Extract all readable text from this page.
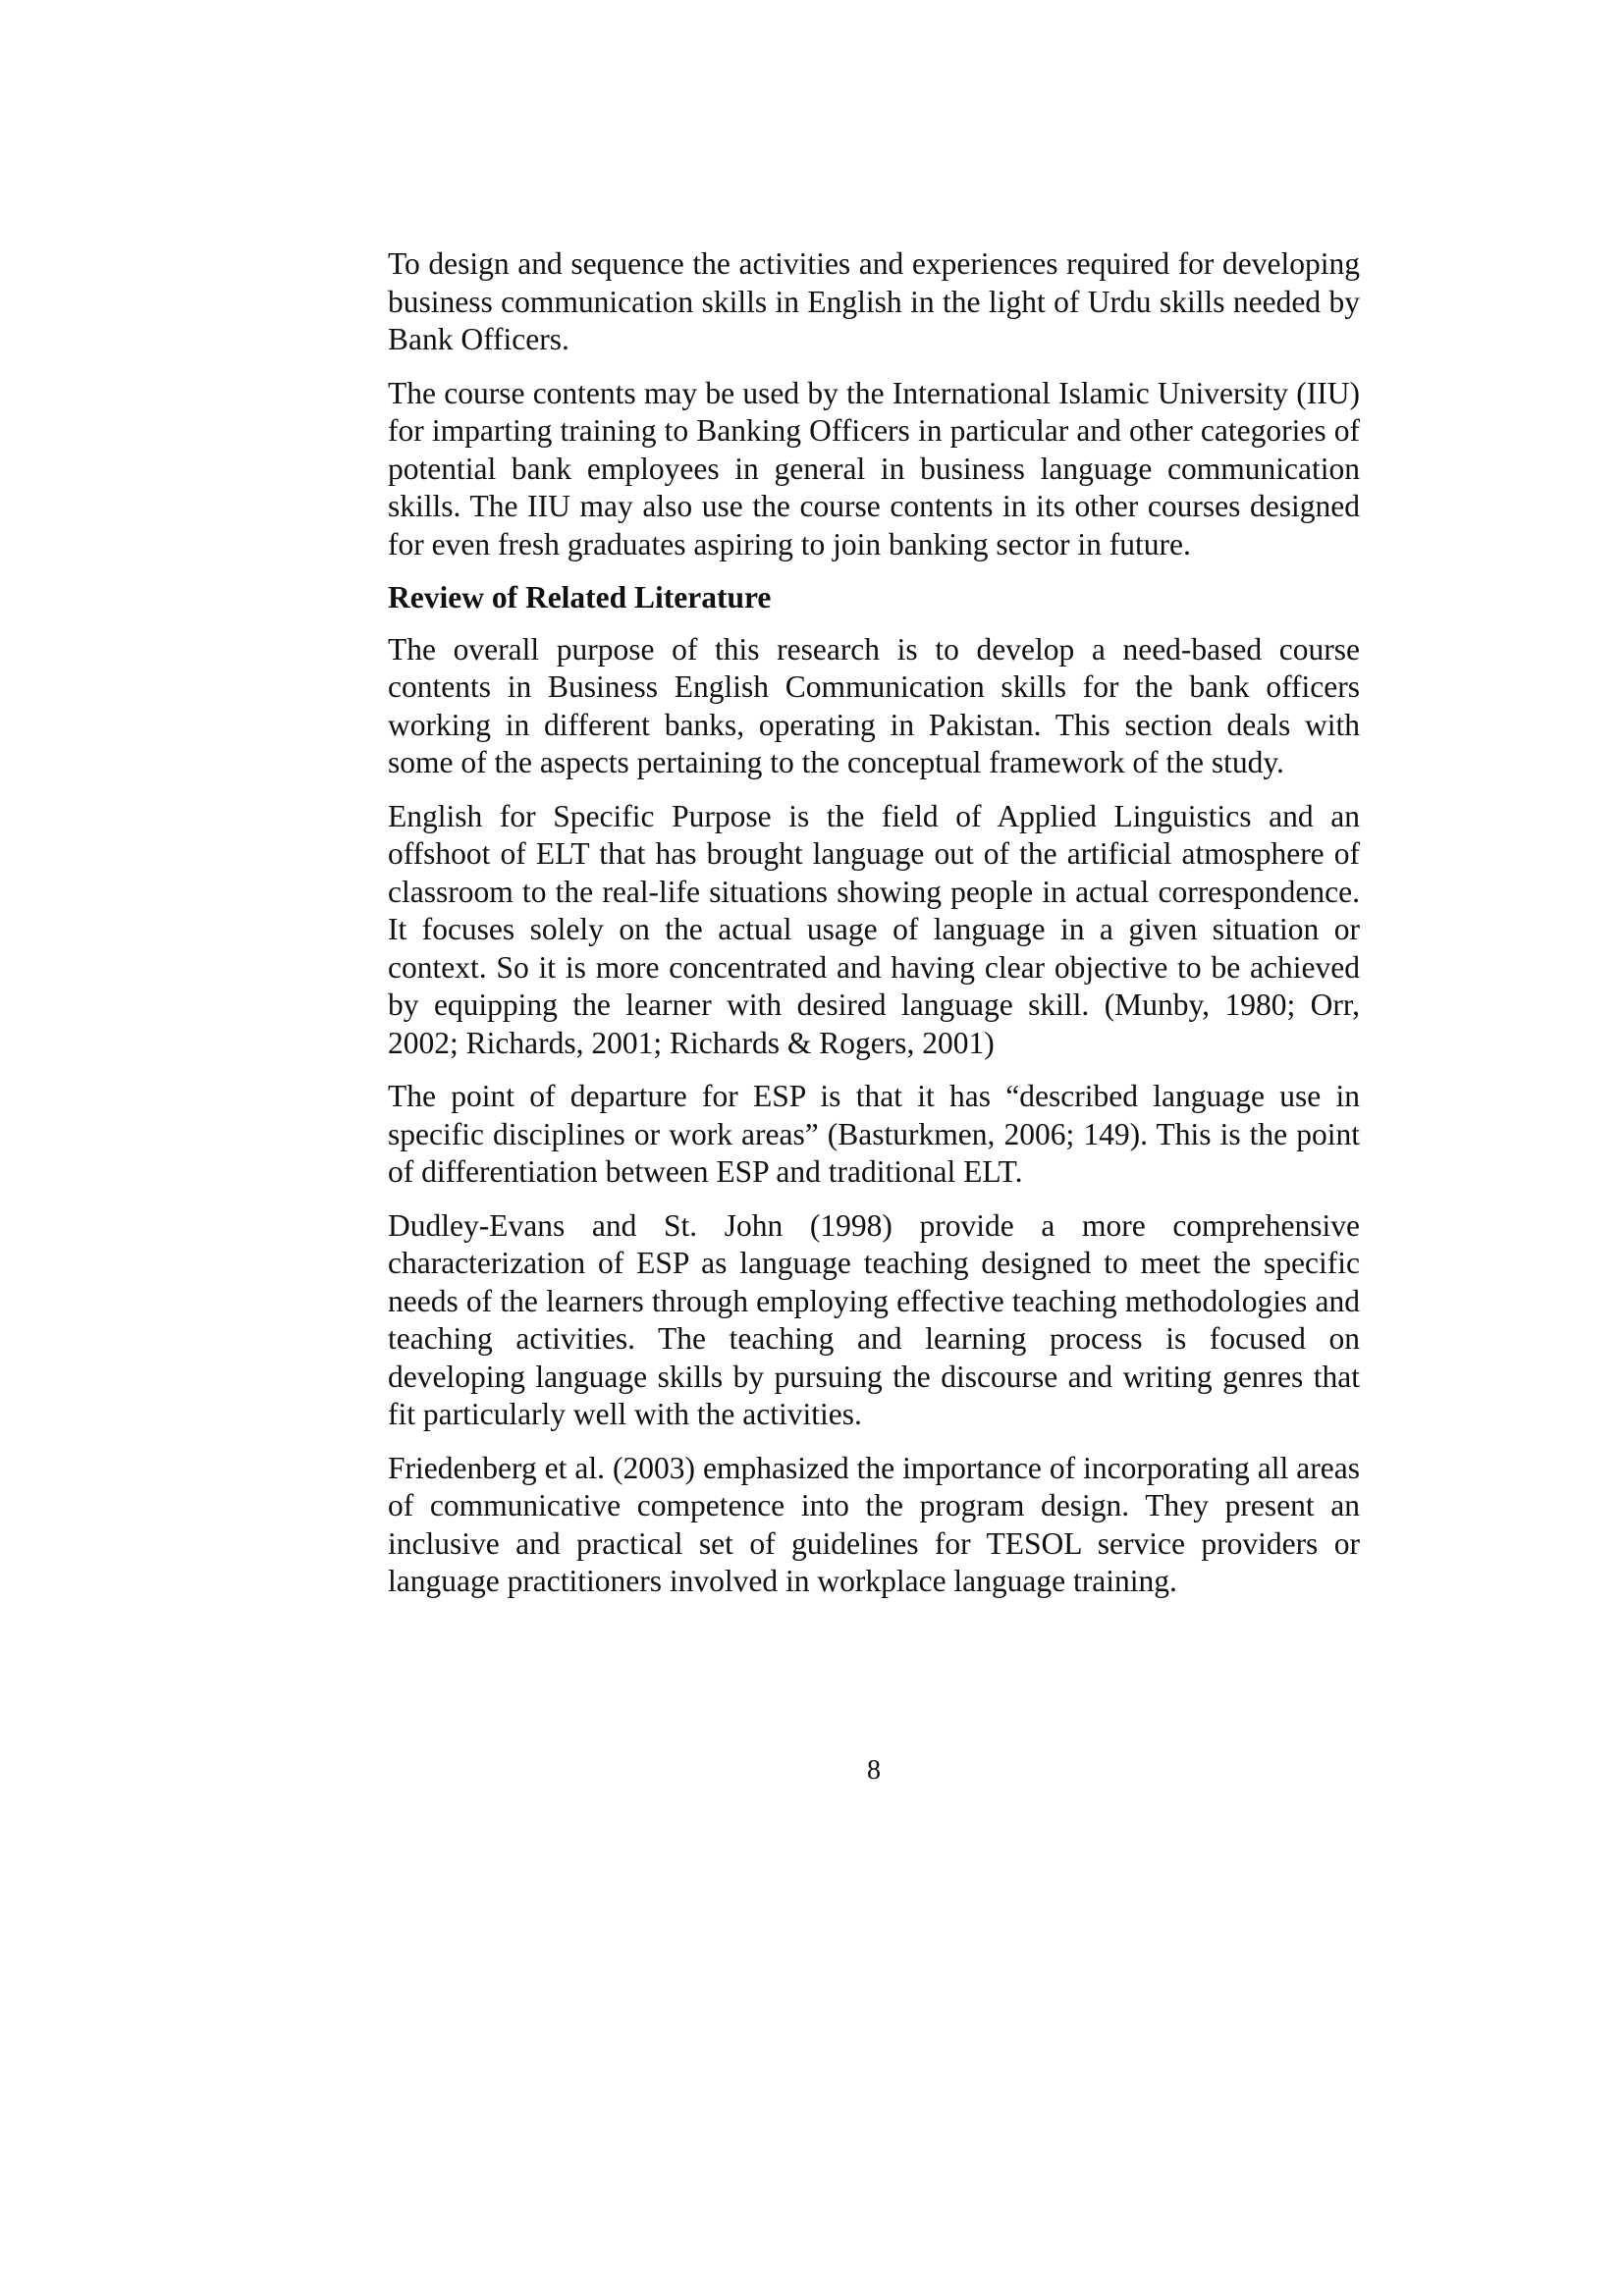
To design and sequence the activities and experiences required for developing business communication skills in English in the light of Urdu skills needed by Bank Officers.

The course contents may be used by the International Islamic University (IIU) for imparting training to Banking Officers in particular and other categories of potential bank employees in general in business language communication skills. The IIU may also use the course contents in its other courses designed for even fresh graduates aspiring to join banking sector in future.

Review of Related Literature

The overall purpose of this research is to develop a need-based course contents in Business English Communication skills for the bank officers working in different banks, operating in Pakistan. This section deals with some of the aspects pertaining to the conceptual framework of the study.

English for Specific Purpose is the field of Applied Linguistics and an offshoot of ELT that has brought language out of the artificial atmosphere of classroom to the real-life situations showing people in actual correspondence. It focuses solely on the actual usage of language in a given situation or context. So it is more concentrated and having clear objective to be achieved by equipping the learner with desired language skill. (Munby, 1980; Orr, 2002; Richards, 2001; Richards & Rogers, 2001)

The point of departure for ESP is that it has “described language use in specific disciplines or work areas” (Basturkmen, 2006; 149). This is the point of differentiation between ESP and traditional ELT.

Dudley-Evans and St. John (1998) provide a more comprehensive characterization of ESP as language teaching designed to meet the specific needs of the learners through employing effective teaching methodologies and teaching activities. The teaching and learning process is focused on developing language skills by pursuing the discourse and writing genres that fit particularly well with the activities.

Friedenberg et al. (2003) emphasized the importance of incorporating all areas of communicative competence into the program design. They present an inclusive and practical set of guidelines for TESOL service providers or language practitioners involved in workplace language training.

8
